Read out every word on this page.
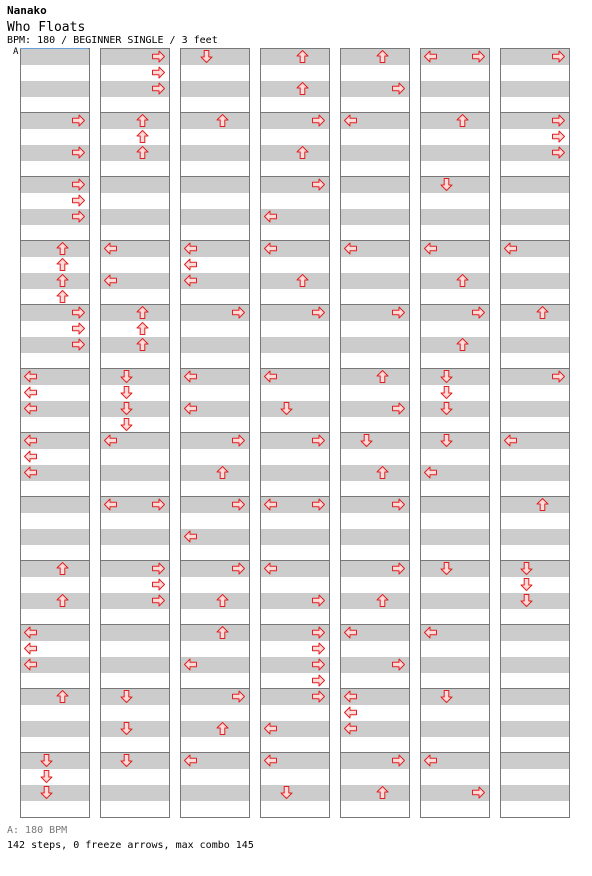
Nanako
Who Floats
BPM: 180 / BEGINNER SINGLE / 3 feet
A
A: 180 BPM
142 steps, 0 freeze arrows, max combo 145
